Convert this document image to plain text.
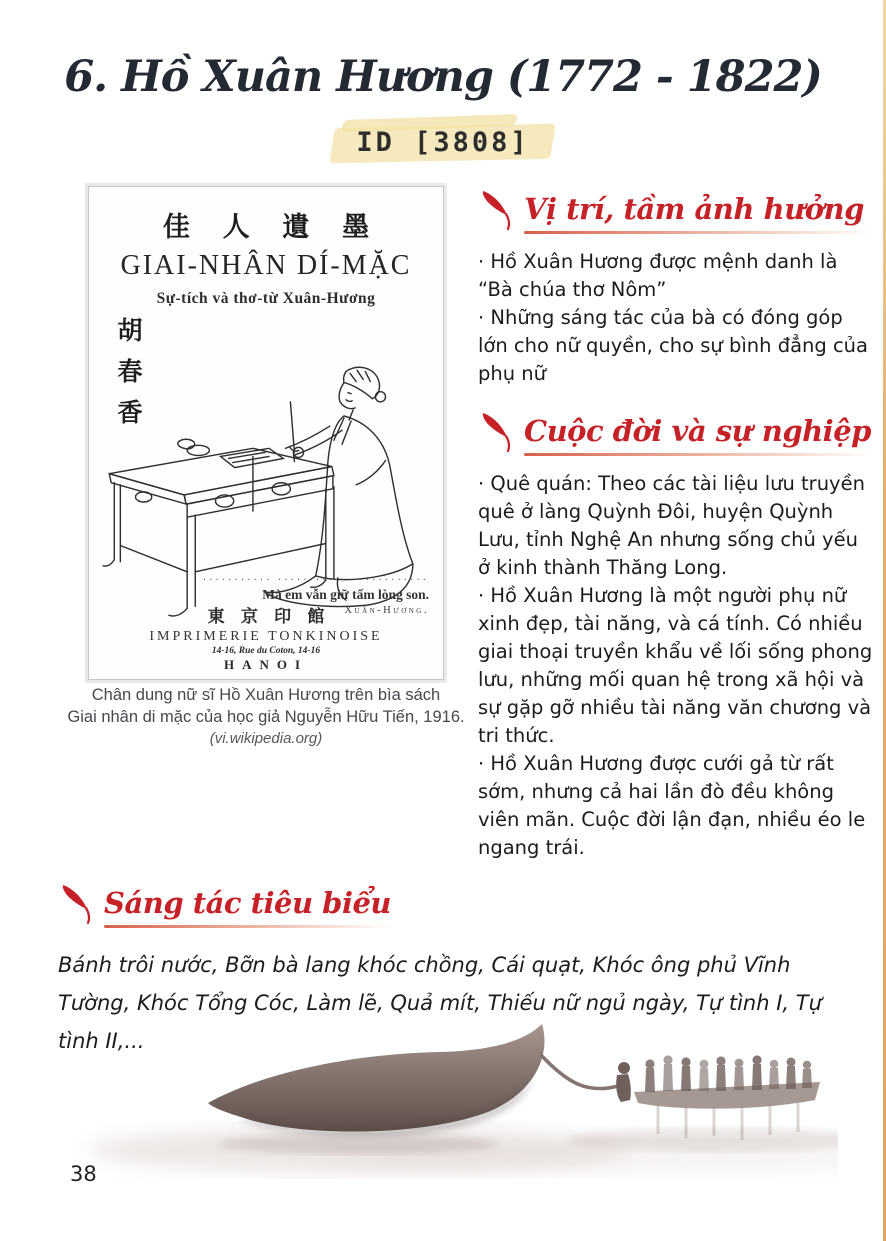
6. Hồ Xuân Hương (1772 - 1822)
ID [3808]
佳 人 遺 墨
GIAI-NHÂN DÍ-MẶC
Sự-tích và thơ-từ Xuân-Hương
胡春香
··········· ··········· ············
Mà em vẫn giữ tấm lòng son.
Xuân-Hương.
東 京 印 館
IMPRIMERIE TONKINOISE
14-16, Rue du Coton, 14-16
HANOI
Chân dung nữ sĩ Hồ Xuân Hương trên bìa sách
Giai nhân di mặc của học giả Nguyễn Hữu Tiến, 1916.
(vi.wikipedia.org)
Vị trí, tầm ảnh hưởng

· Hồ Xuân Hương được mệnh danh là “Bà chúa thơ Nôm”

· Những sáng tác của bà có đóng góp lớn cho nữ quyền, cho sự bình đẳng của phụ nữ

Cuộc đời và sự nghiệp

· Quê quán: Theo các tài liệu lưu truyền quê ở làng Quỳnh Đôi, huyện Quỳnh Lưu, tỉnh Nghệ An nhưng sống chủ yếu ở kinh thành Thăng Long.

· Hồ Xuân Hương là một người phụ nữ xinh đẹp, tài năng, và cá tính. Có nhiều giai thoại truyền khẩu về lối sống phong lưu, những mối quan hệ trong xã hội và sự gặp gỡ nhiều tài năng văn chương và tri thức.

· Hồ Xuân Hương được cưới gả từ rất sớm, nhưng cả hai lần đò đều không viên mãn. Cuộc đời lận đạn, nhiều éo le ngang trái.

Sáng tác tiêu biểu

Bánh trôi nước, Bỡn bà lang khóc chồng, Cái quạt, Khóc ông phủ Vĩnh Tường, Khóc Tổng Cóc, Làm lẽ, Quả mít, Thiếu nữ ngủ ngày, Tự tình I, Tự tình II,...

38
